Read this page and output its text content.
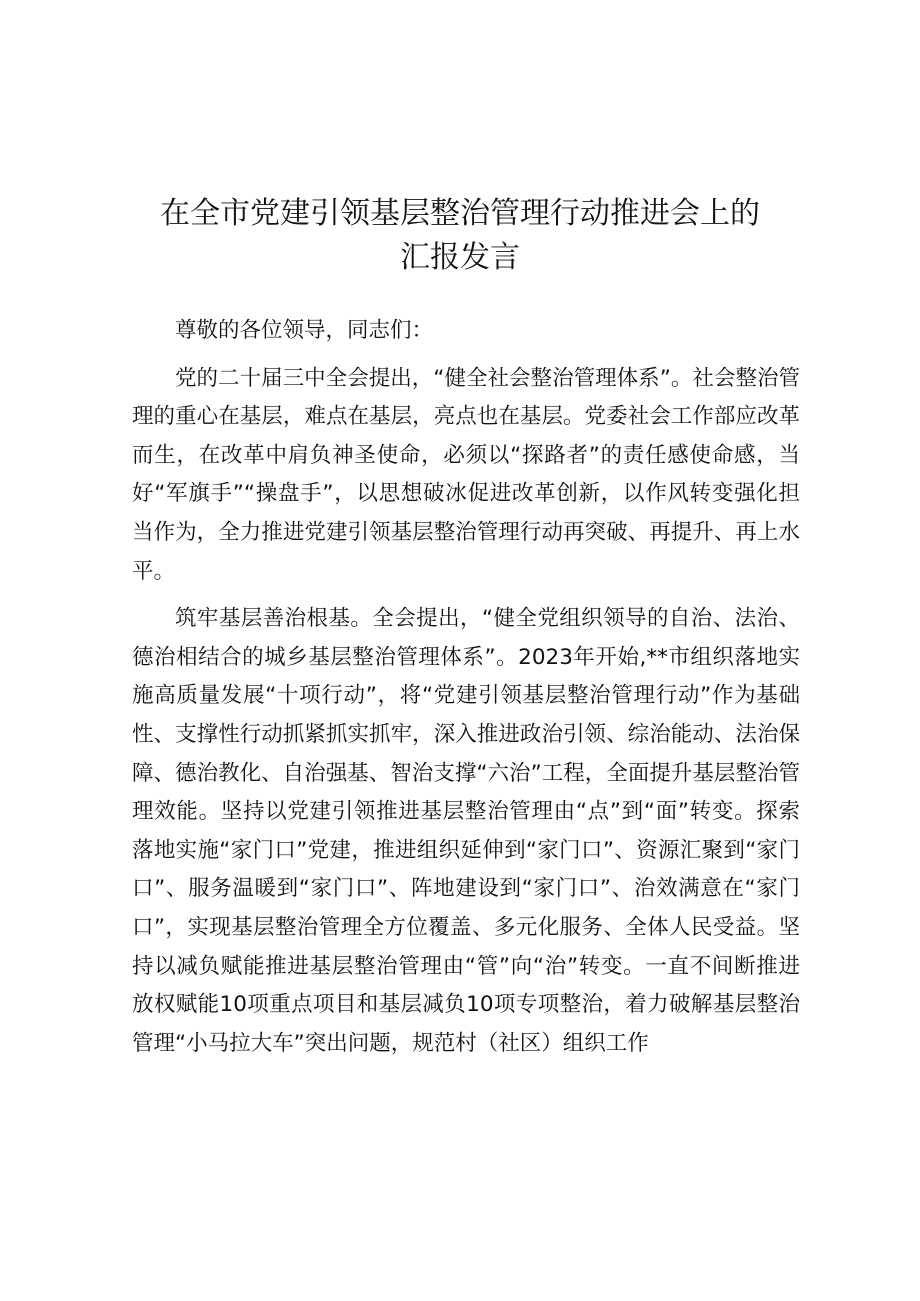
在全市党建引领基层整治管理行动推进会上的
汇报发言

尊敬的各位领导，同志们：

党的二十届三中全会提出，“健全社会整治管理体系”。社会整治管理的重心在基层，难点在基层，亮点也在基层。党委社会工作部应改革而生，在改革中肩负神圣使命，必须以“探路者”的责任感使命感，当好“军旗手”“操盘手”，以思想破冰促进改革创新，以作风转变强化担当作为，全力推进党建引领基层整治管理行动再突破、再提升、再上水平。

筑牢基层善治根基。全会提出，“健全党组织领导的自治、法治、德治相结合的城乡基层整治管理体系”。2023年开始,**市组织落地实施高质量发展“十项行动”，将“党建引领基层整治管理行动”作为基础性、支撑性行动抓紧抓实抓牢，深入推进政治引领、综治能动、法治保障、德治教化、自治强基、智治支撑“六治”工程，全面提升基层整治管理效能。坚持以党建引领推进基层整治管理由“点”到“面”转变。探索落地实施“家门口”党建，推进组织延伸到“家门口”、资源汇聚到“家门口”、服务温暖到“家门口”、阵地建设到“家门口”、治效满意在“家门口”，实现基层整治管理全方位覆盖、多元化服务、全体人民受益。坚持以减负赋能推进基层整治管理由“管”向“治”转变。一直不间断推进放权赋能10项重点项目和基层减负10项专项整治，着力破解基层整治管理“小马拉大车”突出问题，规范村（社区）组织工作
